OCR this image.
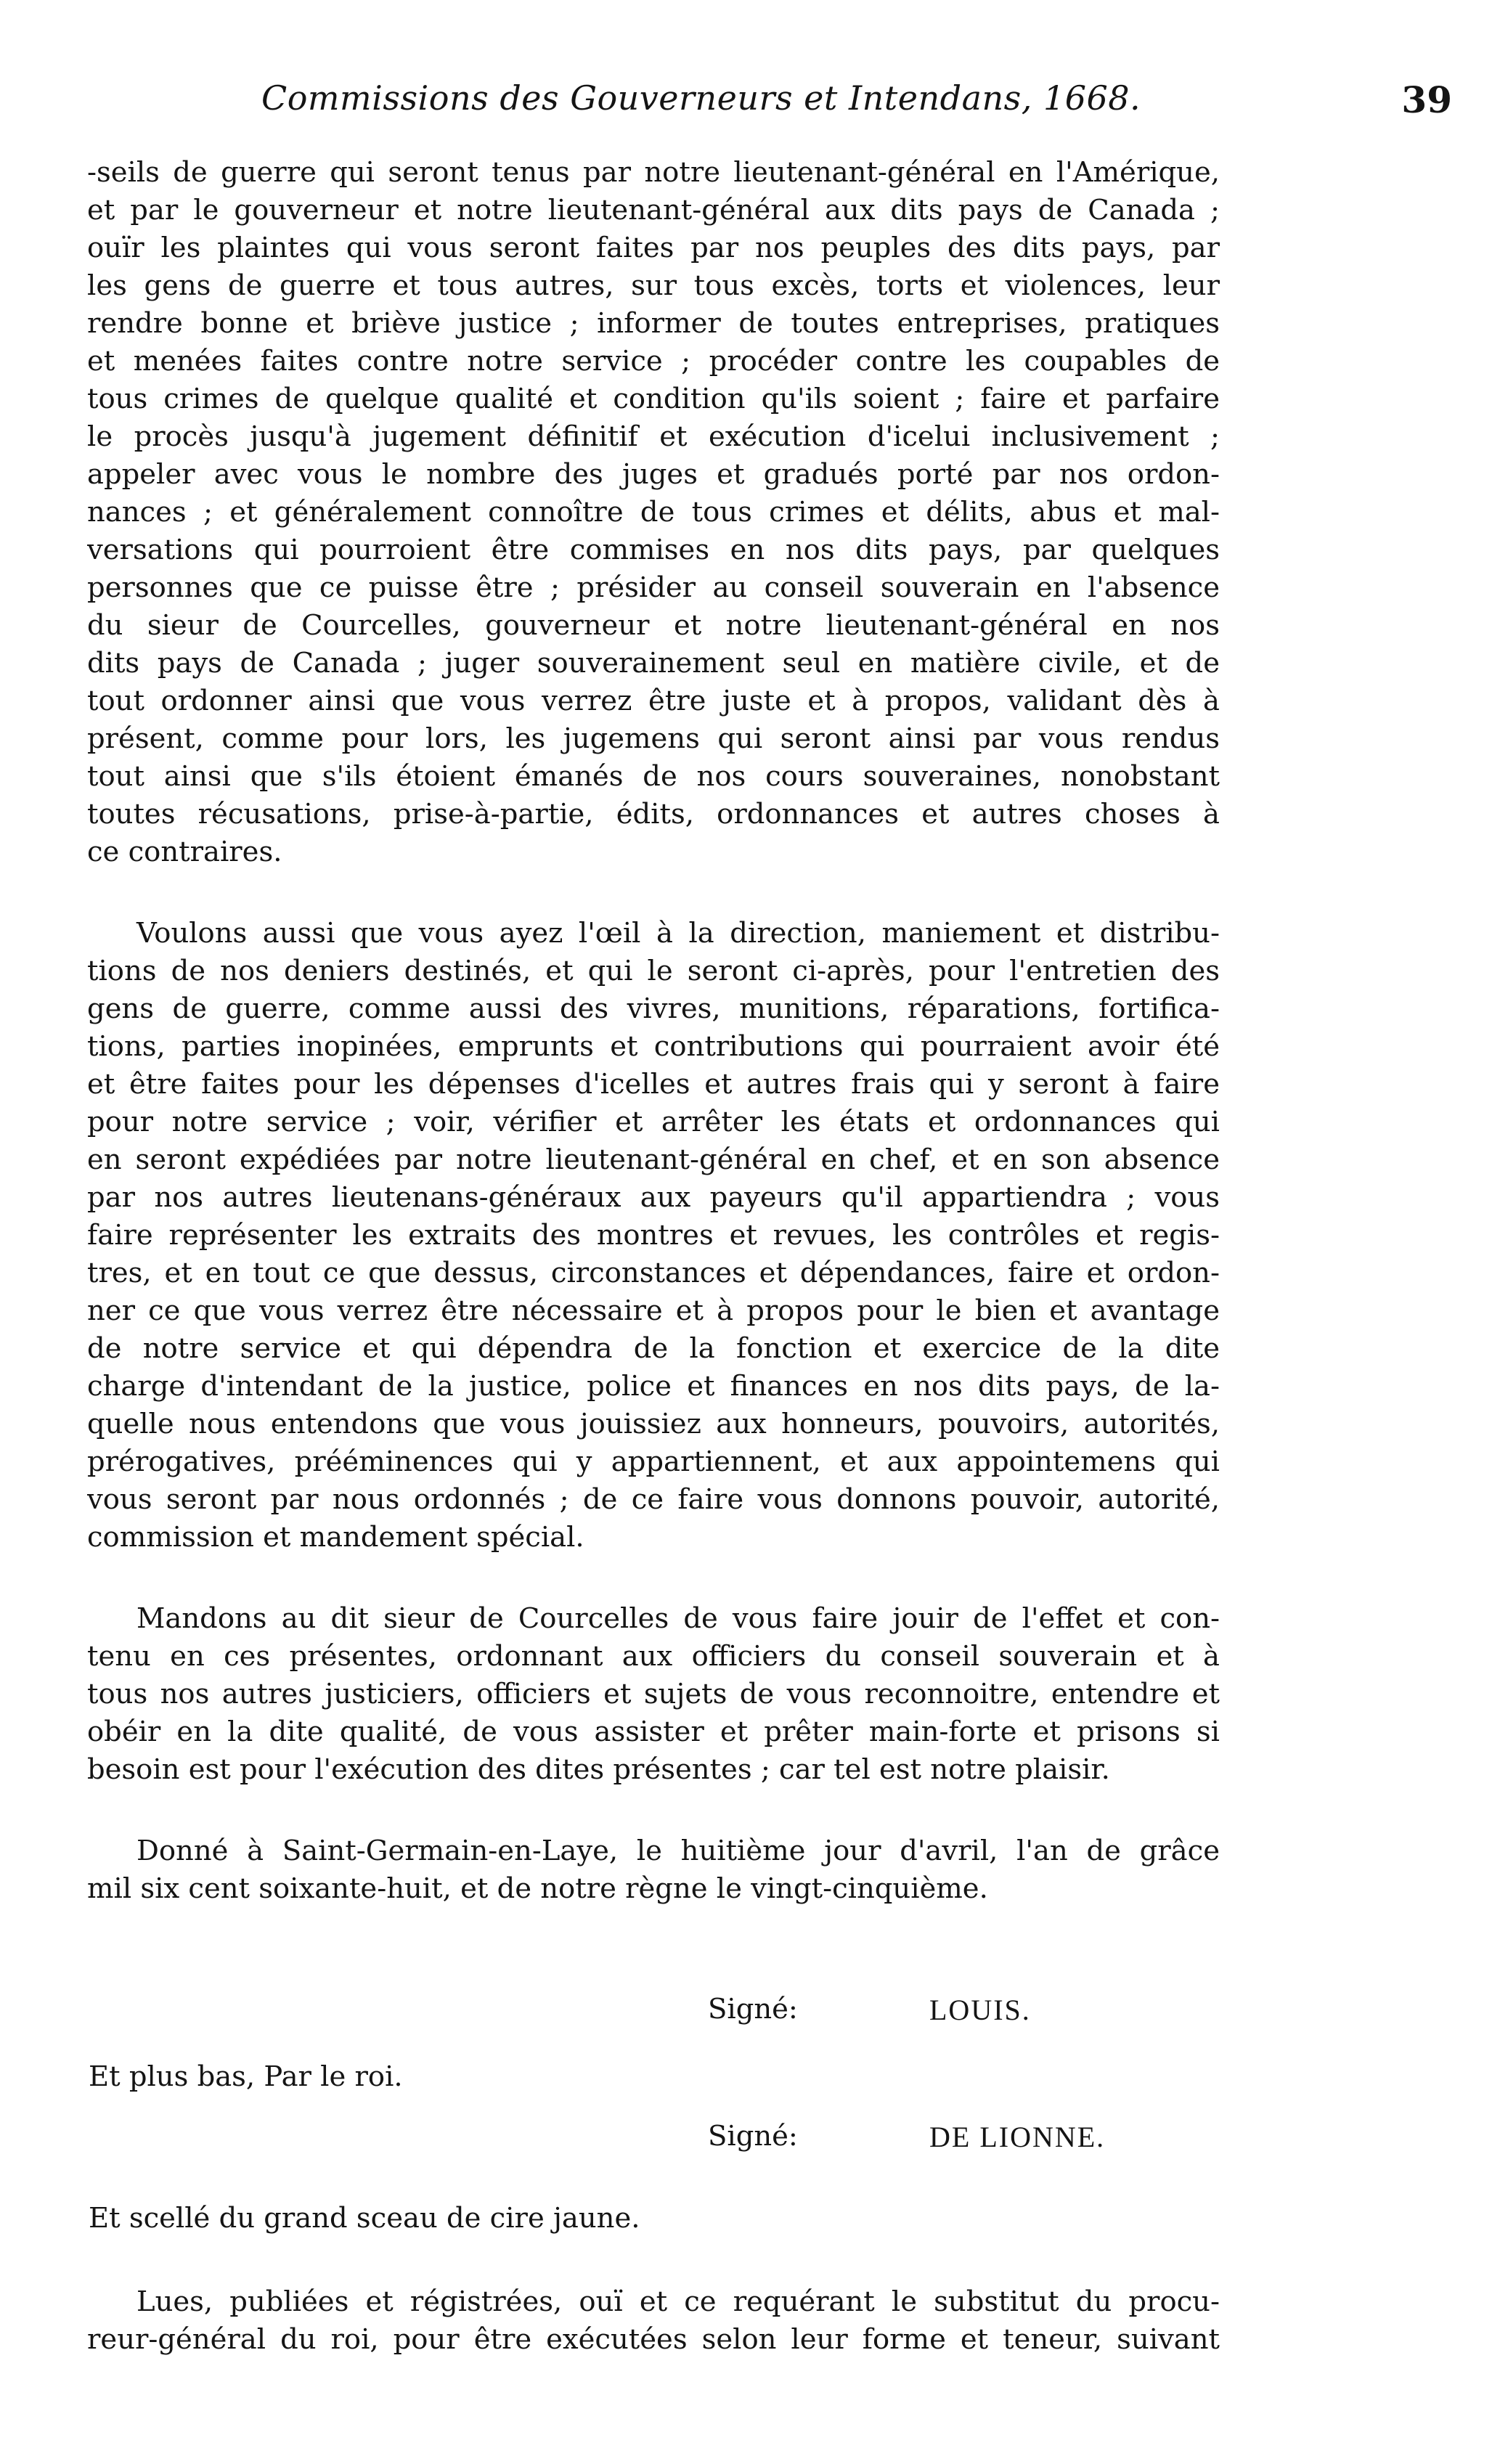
Commissions des Gouverneurs et Intendans, 1668.	39
-seils de guerre qui seront tenus par notre lieutenant-général en l'Amérique,
et par le gouverneur et notre lieutenant-général aux dits pays de Canada ;
ouïr les plaintes qui vous seront faites par nos peuples des dits pays, par
les gens de guerre et tous autres, sur tous excès, torts et violences, leur
rendre bonne et briève justice ; informer de toutes entreprises, pratiques
et menées faites contre notre service ; procéder contre les coupables de
tous crimes de quelque qualité et condition qu'ils soient ; faire et parfaire
le procès jusqu'à jugement définitif et exécution d'icelui inclusivement ;
appeler avec vous le nombre des juges et gradués porté par nos ordon-
nances ; et généralement connoître de tous crimes et délits, abus et mal-
versations qui pourroient être commises en nos dits pays, par quelques
personnes que ce puisse être ; présider au conseil souverain en l'absence
du sieur de Courcelles, gouverneur et notre lieutenant-général en nos
dits pays de Canada ; juger souverainement seul en matière civile, et de
tout ordonner ainsi que vous verrez être juste et à propos, validant dès à
présent, comme pour lors, les jugemens qui seront ainsi par vous rendus
tout ainsi que s'ils étoient émanés de nos cours souveraines, nonobstant
toutes récusations, prise-à-partie, édits, ordonnances et autres choses à
ce contraires.
Voulons aussi que vous ayez l'œil à la direction, maniement et distribu-
tions de nos deniers destinés, et qui le seront ci-après, pour l'entretien des
gens de guerre, comme aussi des vivres, munitions, réparations, fortifica-
tions, parties inopinées, emprunts et contributions qui pourraient avoir été
et être faites pour les dépenses d'icelles et autres frais qui y seront à faire
pour notre service ; voir, vérifier et arrêter les états et ordonnances qui
en seront expédiées par notre lieutenant-général en chef, et en son absence
par nos autres lieutenans-généraux aux payeurs qu'il appartiendra ; vous
faire représenter les extraits des montres et revues, les contrôles et regis-
tres, et en tout ce que dessus, circonstances et dépendances, faire et ordon-
ner ce que vous verrez être nécessaire et à propos pour le bien et avantage
de notre service et qui dépendra de la fonction et exercice de la dite
charge d'intendant de la justice, police et finances en nos dits pays, de la-
quelle nous entendons que vous jouissiez aux honneurs, pouvoirs, autorités,
prérogatives, prééminences qui y appartiennent, et aux appointemens qui
vous seront par nous ordonnés ; de ce faire vous donnons pouvoir, autorité,
commission et mandement spécial.
Mandons au dit sieur de Courcelles de vous faire jouir de l'effet et con-
tenu en ces présentes, ordonnant aux officiers du conseil souverain et à
tous nos autres justiciers, officiers et sujets de vous reconnoitre, entendre et
obéir en la dite qualité, de vous assister et prêter main-forte et prisons si
besoin est pour l'exécution des dites présentes ; car tel est notre plaisir.
Donné à Saint-Germain-en-Laye, le huitième jour d'avril, l'an de grâce
mil six cent soixante-huit, et de notre règne le vingt-cinquième.
Signé:	LOUIS.
Et plus bas, Par le roi.
Signé:	DE LIONNE.
Et scellé du grand sceau de cire jaune.
Lues, publiées et régistrées, ouï et ce requérant le substitut du procu-
reur-général du roi, pour être exécutées selon leur forme et teneur, suivant
